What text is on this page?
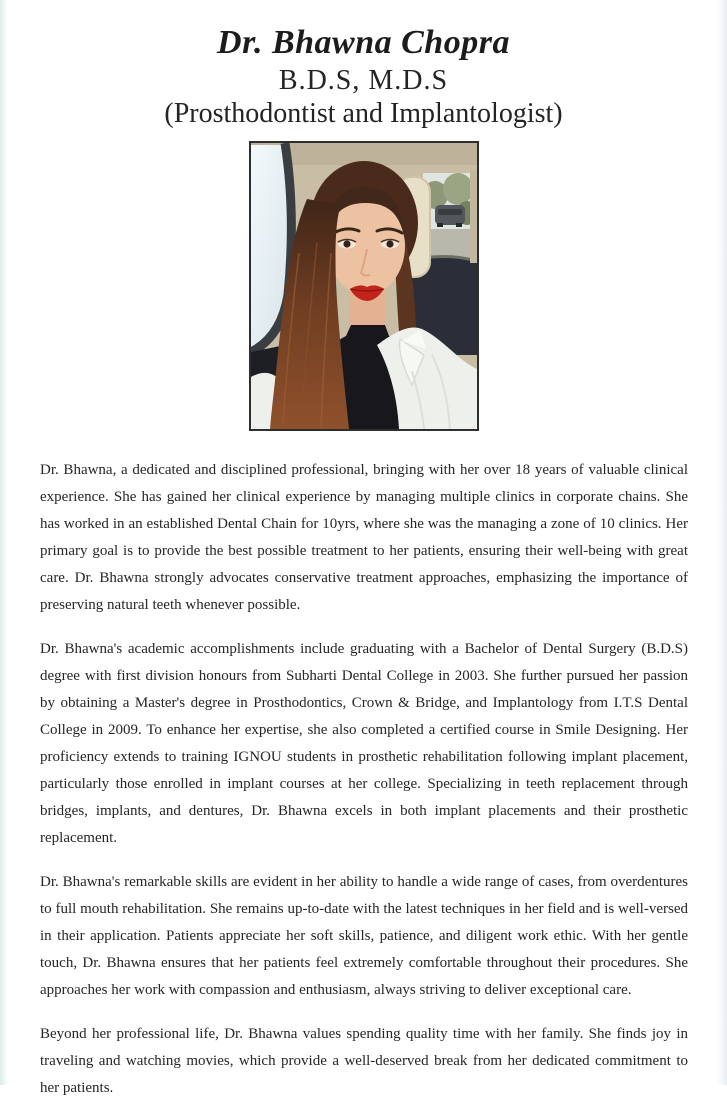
Dr. Bhawna Chopra
B.D.S, M.D.S
(Prosthodontist and Implantologist)

Dr. Bhawna, a dedicated and disciplined professional, bringing with her over 18 years of valuable clinical experience. She has gained her clinical experience by managing multiple clinics in corporate chains. She has worked in an established Dental Chain for 10yrs, where she was the managing a zone of 10 clinics. Her primary goal is to provide the best possible treatment to her patients, ensuring their well-being with great care. Dr. Bhawna strongly advocates conservative treatment approaches, emphasizing the importance of preserving natural teeth whenever possible.

Dr. Bhawna's academic accomplishments include graduating with a Bachelor of Dental Surgery (B.D.S) degree with first division honours from Subharti Dental College in 2003. She further pursued her passion by obtaining a Master's degree in Prosthodontics, Crown & Bridge, and Implantology from I.T.S Dental College in 2009. To enhance her expertise, she also completed a certified course in Smile Designing. Her proficiency extends to training IGNOU students in prosthetic rehabilitation following implant placement, particularly those enrolled in implant courses at her college. Specializing in teeth replacement through bridges, implants, and dentures, Dr. Bhawna excels in both implant placements and their prosthetic replacement.

Dr. Bhawna's remarkable skills are evident in her ability to handle a wide range of cases, from overdentures to full mouth rehabilitation. She remains up-to-date with the latest techniques in her field and is well-versed in their application. Patients appreciate her soft skills, patience, and diligent work ethic. With her gentle touch, Dr. Bhawna ensures that her patients feel extremely comfortable throughout their procedures. She approaches her work with compassion and enthusiasm, always striving to deliver exceptional care.

Beyond her professional life, Dr. Bhawna values spending quality time with her family. She finds joy in traveling and watching movies, which provide a well-deserved break from her dedicated commitment to her patients.
